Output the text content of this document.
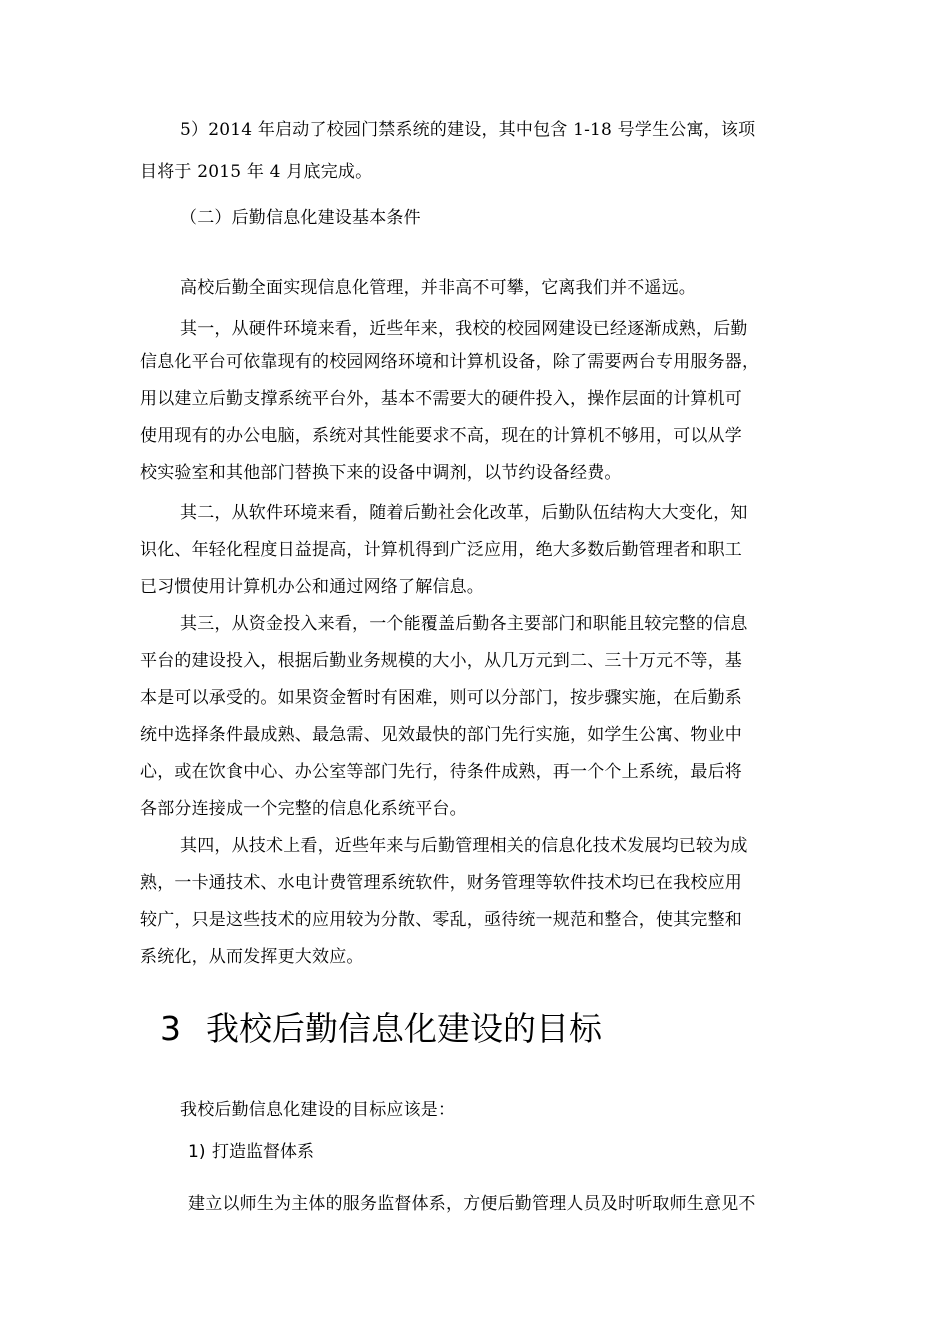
5）2014 年启动了校园门禁系统的建设，其中包含 1-18 号学生公寓，该项
目将于 2015 年 4 月底完成。
（二）后勤信息化建设基本条件
高校后勤全面实现信息化管理，并非高不可攀，它离我们并不遥远。
其一，从硬件环境来看，近些年来，我校的校园网建设已经逐渐成熟，后勤
信息化平台可依靠现有的校园网络环境和计算机设备，除了需要两台专用服务器，
用以建立后勤支撑系统平台外，基本不需要大的硬件投入，操作层面的计算机可
使用现有的办公电脑，系统对其性能要求不高，现在的计算机不够用，可以从学
校实验室和其他部门替换下来的设备中调剂，以节约设备经费。
其二，从软件环境来看，随着后勤社会化改革，后勤队伍结构大大变化，知
识化、年轻化程度日益提高，计算机得到广泛应用，绝大多数后勤管理者和职工
已习惯使用计算机办公和通过网络了解信息。
其三，从资金投入来看，一个能覆盖后勤各主要部门和职能且较完整的信息
平台的建设投入，根据后勤业务规模的大小，从几万元到二、三十万元不等，基
本是可以承受的。如果资金暂时有困难，则可以分部门，按步骤实施，在后勤系
统中选择条件最成熟、最急需、见效最快的部门先行实施，如学生公寓、物业中
心，或在饮食中心、办公室等部门先行，待条件成熟，再一个个上系统，最后将
各部分连接成一个完整的信息化系统平台。
其四，从技术上看，近些年来与后勤管理相关的信息化技术发展均已较为成
熟，一卡通技术、水电计费管理系统软件，财务管理等软件技术均已在我校应用
较广，只是这些技术的应用较为分散、零乱，亟待统一规范和整合，使其完整和
系统化，从而发挥更大效应。
3 我校后勤信息化建设的目标
我校后勤信息化建设的目标应该是：
1) 打造监督体系
建立以师生为主体的服务监督体系，方便后勤管理人员及时听取师生意见不
